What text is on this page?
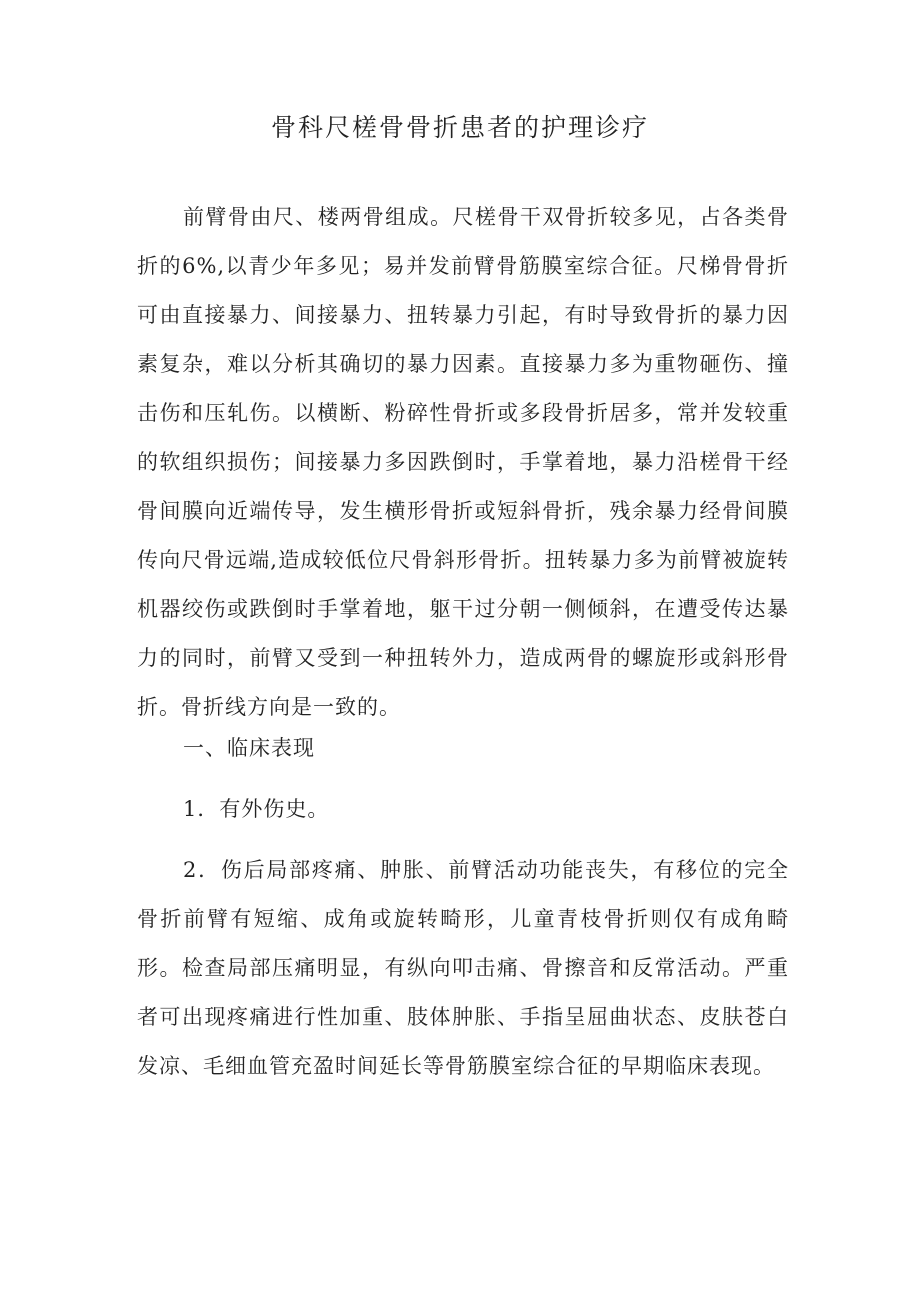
骨科尺槎骨骨折患者的护理诊疗

前臂骨由尺、楼两骨组成。尺槎骨干双骨折较多见，占各类骨折的6%,以青少年多见；易并发前臂骨筋膜室综合征。尺梯骨骨折可由直接暴力、间接暴力、扭转暴力引起，有时导致骨折的暴力因素复杂，难以分析其确切的暴力因素。直接暴力多为重物砸伤、撞击伤和压轧伤。以横断、粉碎性骨折或多段骨折居多，常并发较重的软组织损伤；间接暴力多因跌倒时，手掌着地，暴力沿槎骨干经骨间膜向近端传导，发生横形骨折或短斜骨折，残余暴力经骨间膜传向尺骨远端,造成较低位尺骨斜形骨折。扭转暴力多为前臂被旋转机器绞伤或跌倒时手掌着地，躯干过分朝一侧倾斜，在遭受传达暴力的同时，前臂又受到一种扭转外力，造成两骨的螺旋形或斜形骨折。骨折线方向是一致的。

一、临床表现

1．有外伤史。

2．伤后局部疼痛、肿胀、前臂活动功能丧失，有移位的完全骨折前臂有短缩、成角或旋转畸形，儿童青枝骨折则仅有成角畸形。检查局部压痛明显，有纵向叩击痛、骨擦音和反常活动。严重者可出现疼痛进行性加重、肢体肿胀、手指呈屈曲状态、皮肤苍白发凉、毛细血管充盈时间延长等骨筋膜室综合征的早期临床表现。
